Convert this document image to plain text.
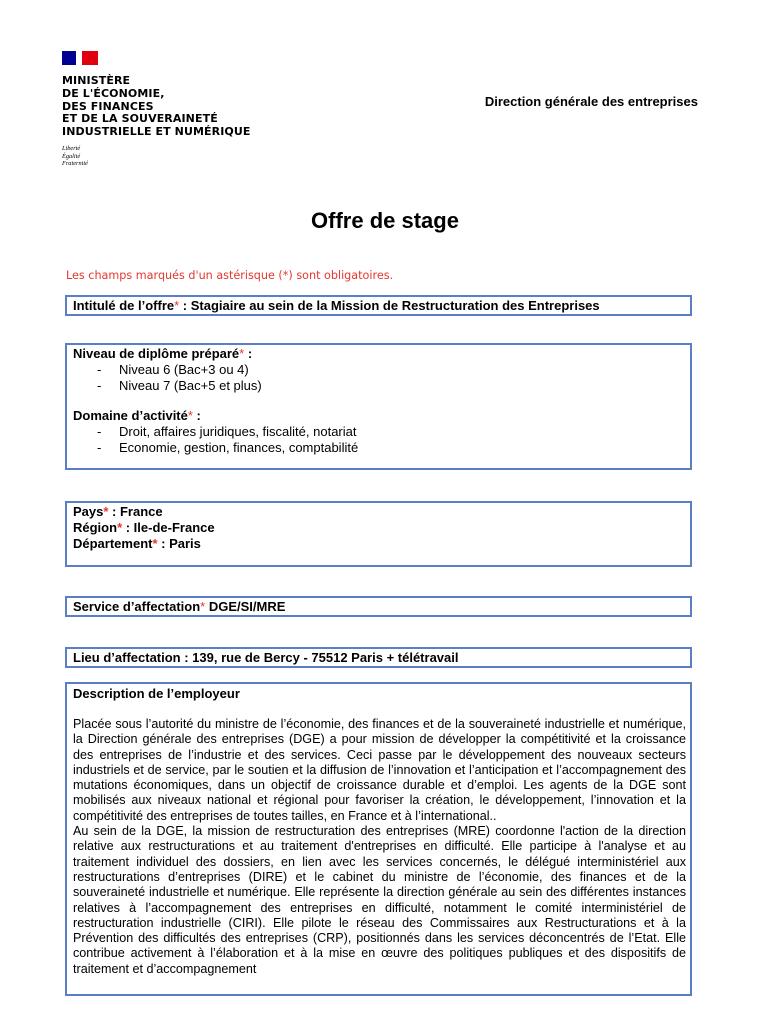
MINISTÈRE
DE L'ÉCONOMIE,
DES FINANCES
ET DE LA SOUVERAINETÉ
INDUSTRIELLE ET NUMÉRIQUE
Liberté
Égalité
Fraternité
Direction générale des entreprises
Offre de stage
Les champs marqués d'un astérisque (*) sont obligatoires.
Intitulé de l’offre* : Stagiaire au sein de la Mission de Restructuration des Entreprises
Niveau de diplôme préparé* :
- Niveau 6 (Bac+3 ou 4)
- Niveau 7 (Bac+5 et plus)
Domaine d’activité* :
- Droit, affaires juridiques, fiscalité, notariat
- Economie, gestion, finances, comptabilité
Pays* : France
Région* : Ile-de-France
Département* : Paris
Service d’affectation* DGE/SI/MRE
Lieu d’affectation : 139, rue de Bercy - 75512 Paris + télétravail
Description de l’employeur

Placée sous l’autorité du ministre de l’économie, des finances et de la souveraineté industrielle et numérique, la Direction générale des entreprises (DGE) a pour mission de développer la compétitivité et la croissance des entreprises de l’industrie et des services. Ceci passe par le développement des nouveaux secteurs industriels et de service, par le soutien et la diffusion de l’innovation et l’anticipation et l’accompagnement des mutations économiques, dans un objectif de croissance durable et d’emploi. Les agents de la DGE sont mobilisés aux niveaux national et régional pour favoriser la création, le développement, l’innovation et la compétitivité des entreprises de toutes tailles, en France et à l’international..

Au sein de la DGE, la mission de restructuration des entreprises (MRE) coordonne l'action de la direction relative aux restructurations et au traitement d'entreprises en difficulté. Elle participe à l'analyse et au traitement individuel des dossiers, en lien avec les services concernés, le délégué interministériel aux restructurations d’entreprises (DIRE) et le cabinet du ministre de l’économie, des finances et de la souveraineté industrielle et numérique. Elle représente la direction générale au sein des différentes instances relatives à l’accompagnement des entreprises en difficulté, notamment le comité interministériel de restructuration industrielle (CIRI). Elle pilote le réseau des Commissaires aux Restructurations et à la Prévention des difficultés des entreprises (CRP), positionnés dans les services déconcentrés de l’Etat. Elle contribue activement à l’élaboration et à la mise en œuvre des politiques publiques et des dispositifs de traitement et d’accompagnement
